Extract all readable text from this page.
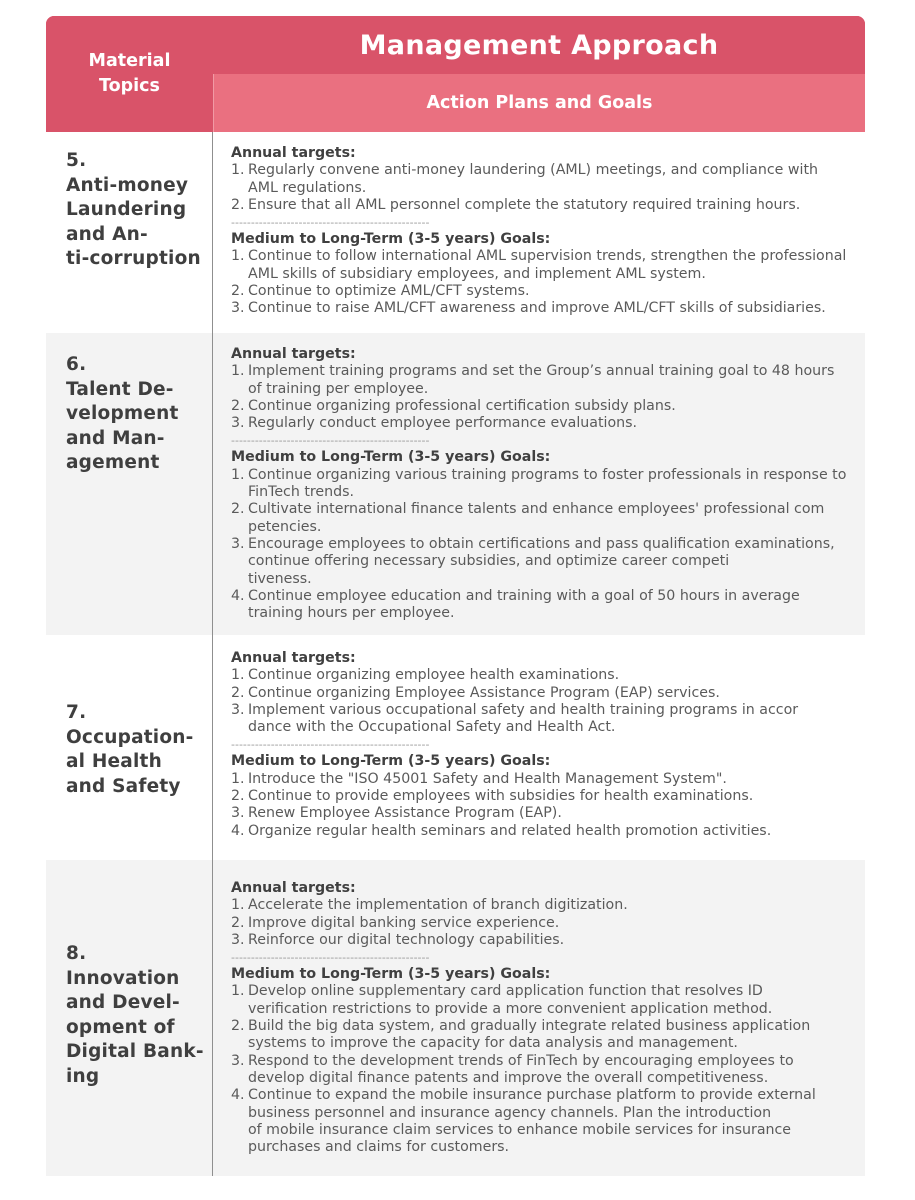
Material
Topics
Management Approach
Action Plans and Goals
5.
Anti-money
Laundering
and An-
ti-corruption
Annual targets:
1. Regularly convene anti-money laundering (AML) meetings, and compliance with
AML regulations.
2. Ensure that all AML personnel complete the statutory required training hours.
--------------------------------------------------
Medium to Long-Term (3-5 years) Goals:
1. Continue to follow international AML supervision trends, strengthen the professional
AML skills of subsidiary employees, and implement AML system.
2. Continue to optimize AML/CFT systems.
3. Continue to raise AML/CFT awareness and improve AML/CFT skills of subsidiaries.
6.
Talent De-
velopment
and Man-
agement
Annual targets:
1. Implement training programs and set the Group’s annual training goal to 48 hours
of training per employee.
2. Continue organizing professional certification subsidy plans.
3. Regularly conduct employee performance evaluations.
--------------------------------------------------
Medium to Long-Term (3-5 years) Goals:
1. Continue organizing various training programs to foster professionals in response to
FinTech trends.
2. Cultivate international finance talents and enhance employees' professional com
petencies.
3. Encourage employees to obtain certifications and pass qualification examinations,
continue offering necessary subsidies, and optimize career competi
tiveness.
4. Continue employee education and training with a goal of 50 hours in average
training hours per employee.
7.
Occupation-
al Health
and Safety
Annual targets:
1. Continue organizing employee health examinations.
2. Continue organizing Employee Assistance Program (EAP) services.
3. Implement various occupational safety and health training programs in accor
dance with the Occupational Safety and Health Act.
--------------------------------------------------
Medium to Long-Term (3-5 years) Goals:
1. Introduce the "ISO 45001 Safety and Health Management System".
2. Continue to provide employees with subsidies for health examinations.
3. Renew Employee Assistance Program (EAP).
4. Organize regular health seminars and related health promotion activities.
8.
Innovation
and Devel-
opment of
Digital Bank-
ing
Annual targets:
1. Accelerate the implementation of branch digitization.
2. Improve digital banking service experience.
3. Reinforce our digital technology capabilities.
--------------------------------------------------
Medium to Long-Term (3-5 years) Goals:
1. Develop online supplementary card application function that resolves ID
verification restrictions to provide a more convenient application method.
2. Build the big data system, and gradually integrate related business application
systems to improve the capacity for data analysis and management.
3. Respond to the development trends of FinTech by encouraging employees to
develop digital finance patents and improve the overall competitiveness.
4. Continue to expand the mobile insurance purchase platform to provide external
business personnel and insurance agency channels. Plan the introduction
of mobile insurance claim services to enhance mobile services for insurance
purchases and claims for customers.
